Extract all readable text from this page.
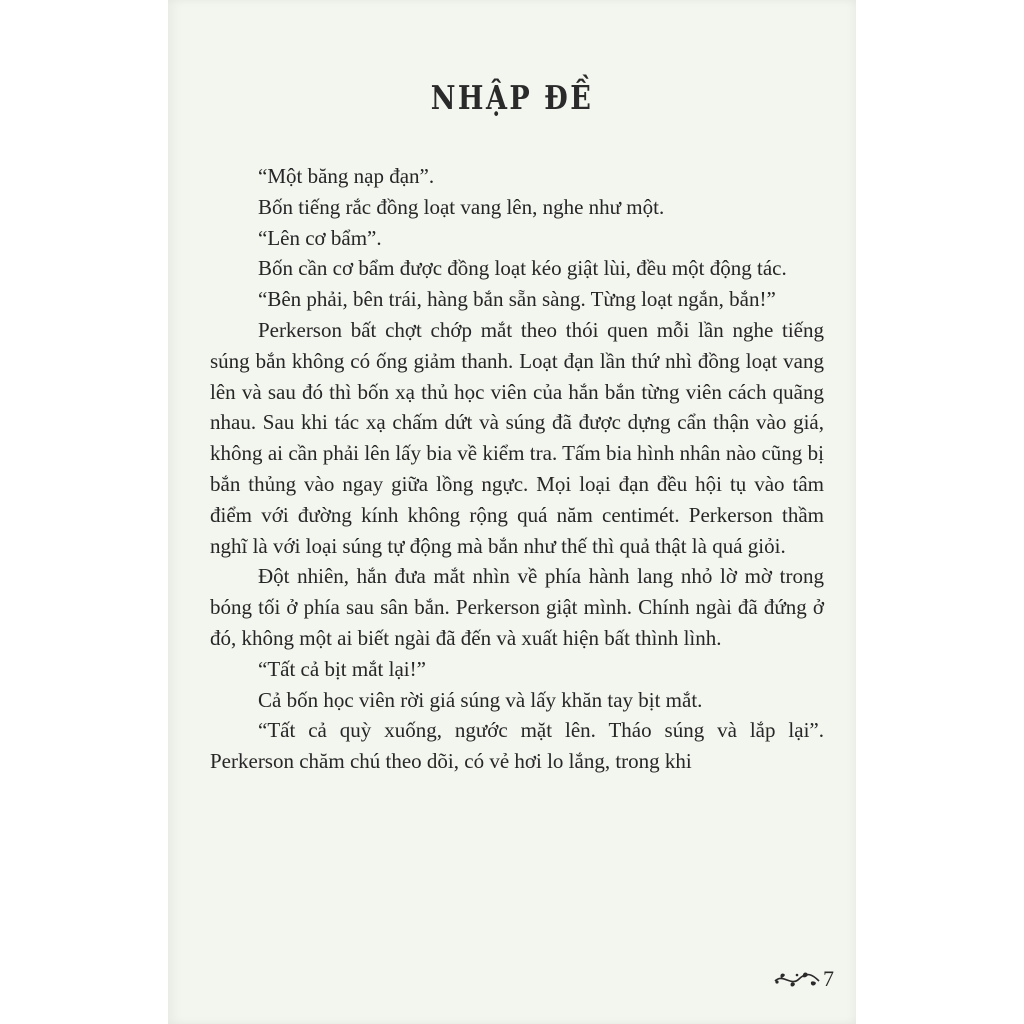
NHẬP ĐỀ

“Một băng nạp đạn”.

Bốn tiếng rắc đồng loạt vang lên, nghe như một.

“Lên cơ bẩm”.

Bốn cần cơ bẩm được đồng loạt kéo giật lùi, đều một động tác.

“Bên phải, bên trái, hàng bắn sẵn sàng. Từng loạt ngắn, bắn!”

Perkerson bất chợt chớp mắt theo thói quen mỗi lần nghe tiếng súng bắn không có ống giảm thanh. Loạt đạn lần thứ nhì đồng loạt vang lên và sau đó thì bốn xạ thủ học viên của hắn bắn từng viên cách quãng nhau. Sau khi tác xạ chấm dứt và súng đã được dựng cẩn thận vào giá, không ai cần phải lên lấy bia về kiểm tra. Tấm bia hình nhân nào cũng bị bắn thủng vào ngay giữa lồng ngực. Mọi loại đạn đều hội tụ vào tâm điểm với đường kính không rộng quá năm centimét. Perkerson thầm nghĩ là với loại súng tự động mà bắn như thế thì quả thật là quá giỏi.

Đột nhiên, hắn đưa mắt nhìn về phía hành lang nhỏ lờ mờ trong bóng tối ở phía sau sân bắn. Perkerson giật mình. Chính ngài đã đứng ở đó, không một ai biết ngài đã đến và xuất hiện bất thình lình.

“Tất cả bịt mắt lại!”

Cả bốn học viên rời giá súng và lấy khăn tay bịt mắt.

“Tất cả quỳ xuống, ngước mặt lên. Tháo súng và lắp lại”. Perkerson chăm chú theo dõi, có vẻ hơi lo lắng, trong khi

7
